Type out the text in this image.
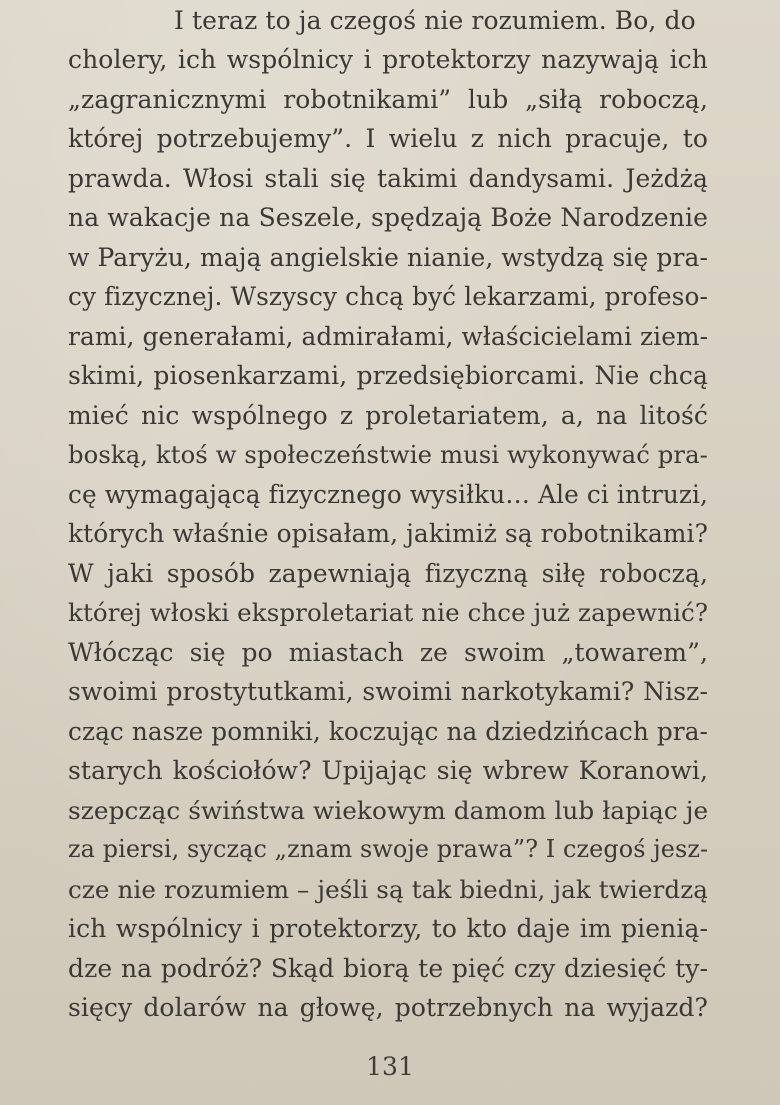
I teraz to ja czegoś nie rozumiem. Bo, do
cholery, ich wspólnicy i protektorzy nazywają ich
„zagranicznymi robotnikami” lub „siłą roboczą,
której potrzebujemy”. I wielu z nich pracuje, to
prawda. Włosi stali się takimi dandysami. Jeżdżą
na wakacje na Seszele, spędzają Boże Narodzenie
w Paryżu, mają angielskie nianie, wstydzą się pra-
cy fizycznej. Wszyscy chcą być lekarzami, profeso-
rami, generałami, admirałami, właścicielami ziem-
skimi, piosenkarzami, przedsiębiorcami. Nie chcą
mieć nic wspólnego z proletariatem, a, na litość
boską, ktoś w społeczeństwie musi wykonywać pra-
cę wymagającą fizycznego wysiłku… Ale ci intruzi,
których właśnie opisałam, jakimiż są robotnikami?
W jaki sposób zapewniają fizyczną siłę roboczą,
której włoski eksproletariat nie chce już zapewnić?
Włócząc się po miastach ze swoim „towarem”,
swoimi prostytutkami, swoimi narkotykami? Nisz-
cząc nasze pomniki, koczując na dziedzińcach pra-
starych kościołów? Upijając się wbrew Koranowi,
szepcząc świństwa wiekowym damom lub łapiąc je
za piersi, sycząc „znam swoje prawa”? I czegoś jesz-
cze nie rozumiem – jeśli są tak biedni, jak twierdzą
ich wspólnicy i protektorzy, to kto daje im pienią-
dze na podróż? Skąd biorą te pięć czy dziesięć ty-
sięcy dolarów na głowę, potrzebnych na wyjazd?
131
